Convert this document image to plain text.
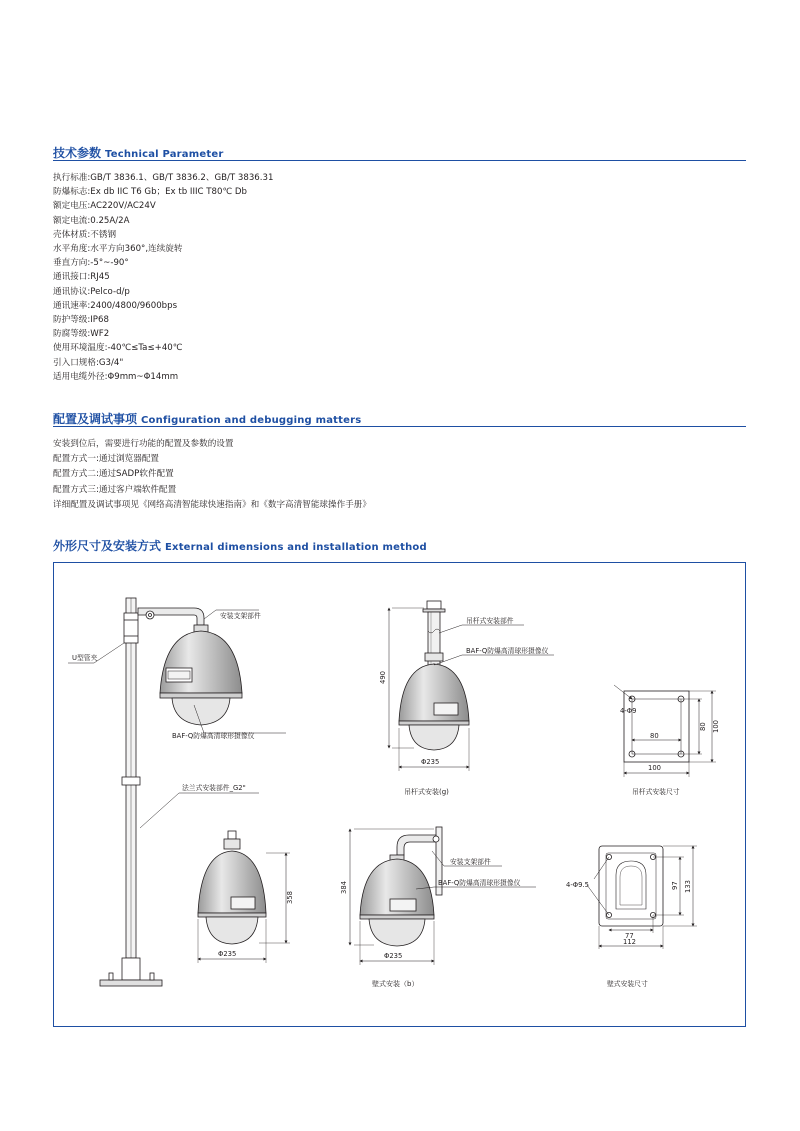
技术参数 Technical Parameter
执行标准:GB/T 3836.1、GB/T 3836.2、GB/T 3836.31
防爆标志:Ex db IIC T6 Gb；Ex tb IIIC T80℃ Db
额定电压:AC220V/AC24V
额定电流:0.25A/2A
壳体材质:不锈钢
水平角度:水平方向360°,连续旋转
垂直方向:-5°~-90°
通讯接口:RJ45
通讯协议:Pelco-d/p
通讯速率:2400/4800/9600bps
防护等级:IP68
防腐等级:WF2
使用环境温度:-40℃≤Ta≤+40℃
引入口规格:G3/4"
适用电缆外径:Φ9mm~Φ14mm
配置及调试事项 Configuration and debugging matters
安装到位后，需要进行功能的配置及参数的设置
配置方式一:通过浏览器配置
配置方式二:通过SADP软件配置
配置方式三:通过客户端软件配置
详细配置及调试事项见《网络高清智能球快速指南》和《数字高清智能球操作手册》
外形尺寸及安装方式 External dimensions and installation method
安装支架部件
U型管夹
BAF-Q防爆高清球形摄像仪
法兰式安装部件_G2"
490
Φ235
吊杆式安装部件
BAF-Q防爆高清球形摄像仪
吊杆式安装(g)
4-Φ9
80
100
80 100
吊杆式安装尺寸
358
Φ235
384
Φ235
安装支架部件
BAF-Q防爆高清球形摄像仪
壁式安装（b）
4-Φ9.5
77
112
97 133
壁式安装尺寸
